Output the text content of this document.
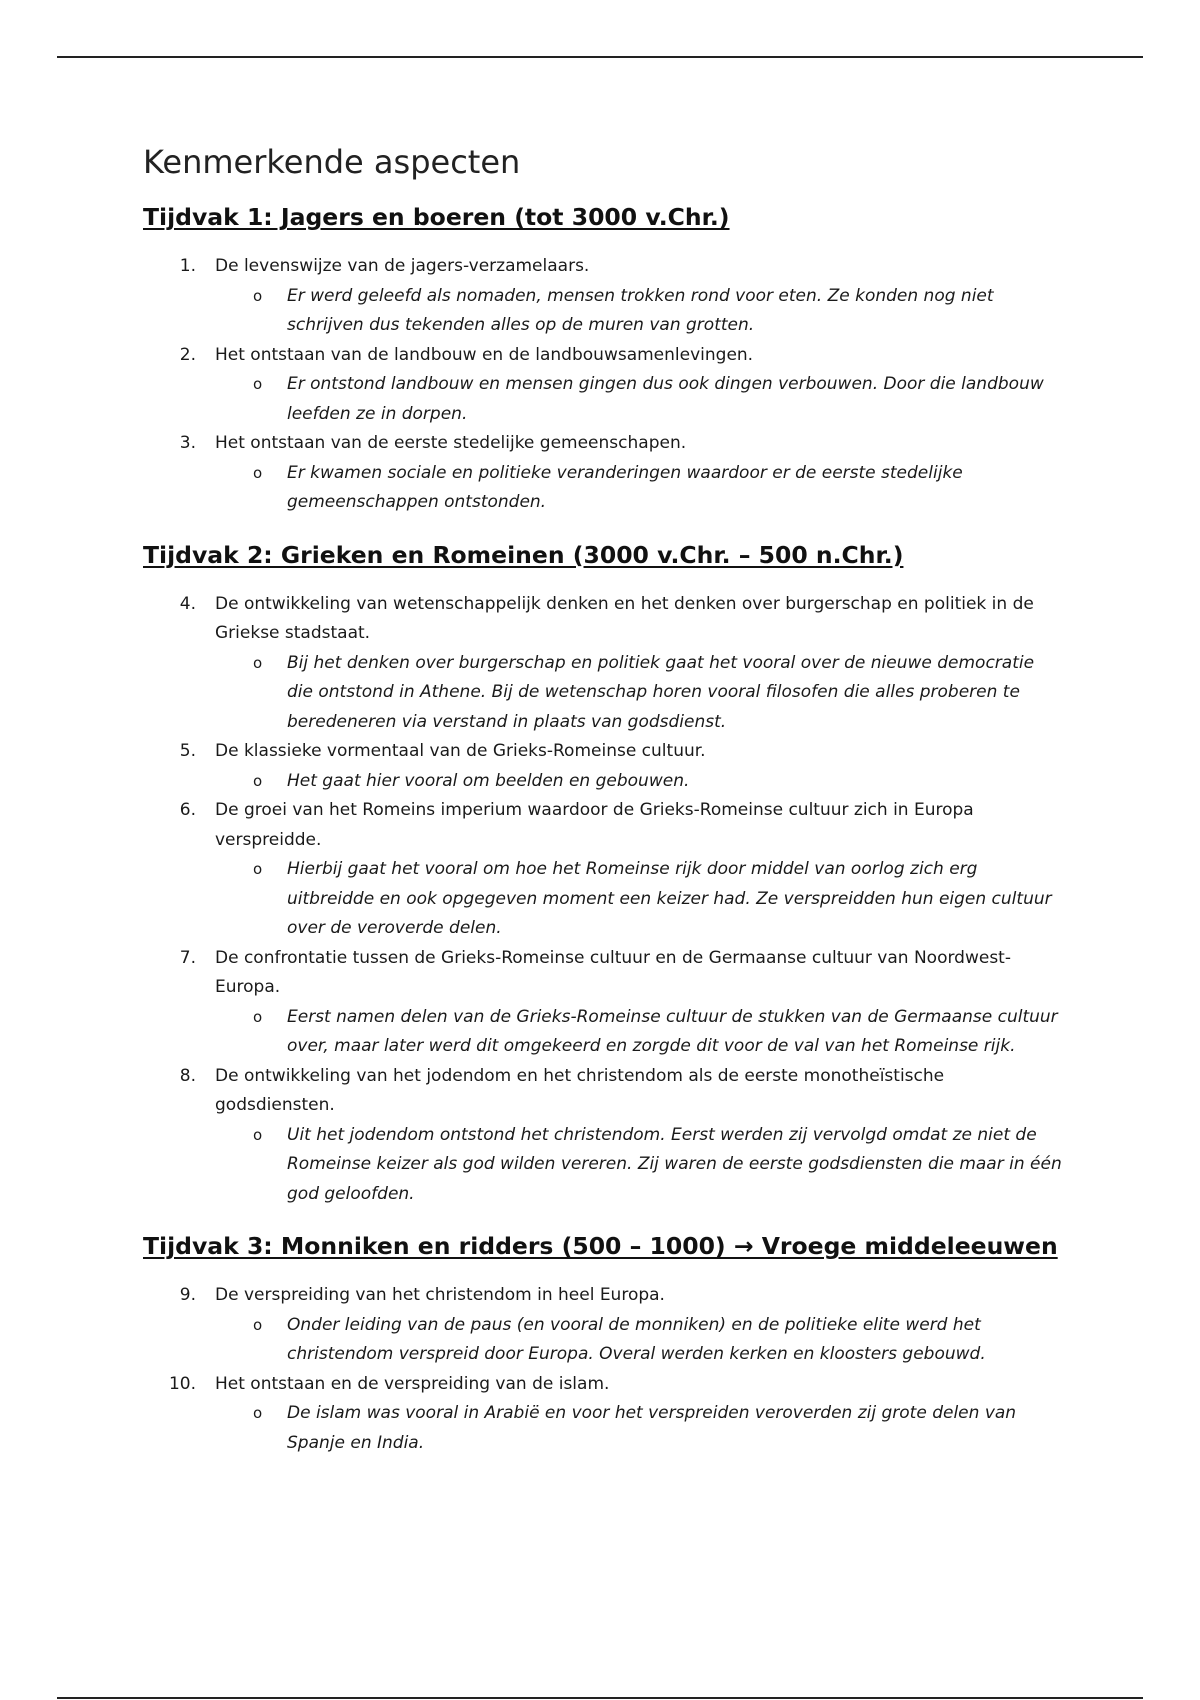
Kenmerkende aspecten
Tijdvak 1: Jagers en boeren (tot 3000 v.Chr.)
1. De levenswijze van de jagers-verzamelaars.
o Er werd geleefd als nomaden, mensen trokken rond voor eten. Ze konden nog niet schrijven dus tekenden alles op de muren van grotten.
2. Het ontstaan van de landbouw en de landbouwsamenlevingen.
o Er ontstond landbouw en mensen gingen dus ook dingen verbouwen. Door die landbouw leefden ze in dorpen.
3. Het ontstaan van de eerste stedelijke gemeenschapen.
o Er kwamen sociale en politieke veranderingen waardoor er de eerste stedelijke gemeenschappen ontstonden.
Tijdvak 2: Grieken en Romeinen (3000 v.Chr. – 500 n.Chr.)
4. De ontwikkeling van wetenschappelijk denken en het denken over burgerschap en politiek in de Griekse stadstaat.
o Bij het denken over burgerschap en politiek gaat het vooral over de nieuwe democratie die ontstond in Athene. Bij de wetenschap horen vooral filosofen die alles proberen te beredeneren via verstand in plaats van godsdienst.
5. De klassieke vormentaal van de Grieks-Romeinse cultuur.
o Het gaat hier vooral om beelden en gebouwen.
6. De groei van het Romeins imperium waardoor de Grieks-Romeinse cultuur zich in Europa verspreidde.
o Hierbij gaat het vooral om hoe het Romeinse rijk door middel van oorlog zich erg uitbreidde en ook opgegeven moment een keizer had. Ze verspreidden hun eigen cultuur over de veroverde delen.
7. De confrontatie tussen de Grieks-Romeinse cultuur en de Germaanse cultuur van Noordwest-Europa.
o Eerst namen delen van de Grieks-Romeinse cultuur de stukken van de Germaanse cultuur over, maar later werd dit omgekeerd en zorgde dit voor de val van het Romeinse rijk.
8. De ontwikkeling van het jodendom en het christendom als de eerste monotheïstische godsdiensten.
o Uit het jodendom ontstond het christendom. Eerst werden zij vervolgd omdat ze niet de Romeinse keizer als god wilden vereren. Zij waren de eerste godsdiensten die maar in één god geloofden.
Tijdvak 3: Monniken en ridders (500 – 1000) → Vroege middeleeuwen
9. De verspreiding van het christendom in heel Europa.
o Onder leiding van de paus (en vooral de monniken) en de politieke elite werd het christendom verspreid door Europa. Overal werden kerken en kloosters gebouwd.
10. Het ontstaan en de verspreiding van de islam.
o De islam was vooral in Arabië en voor het verspreiden veroverden zij grote delen van Spanje en India.
